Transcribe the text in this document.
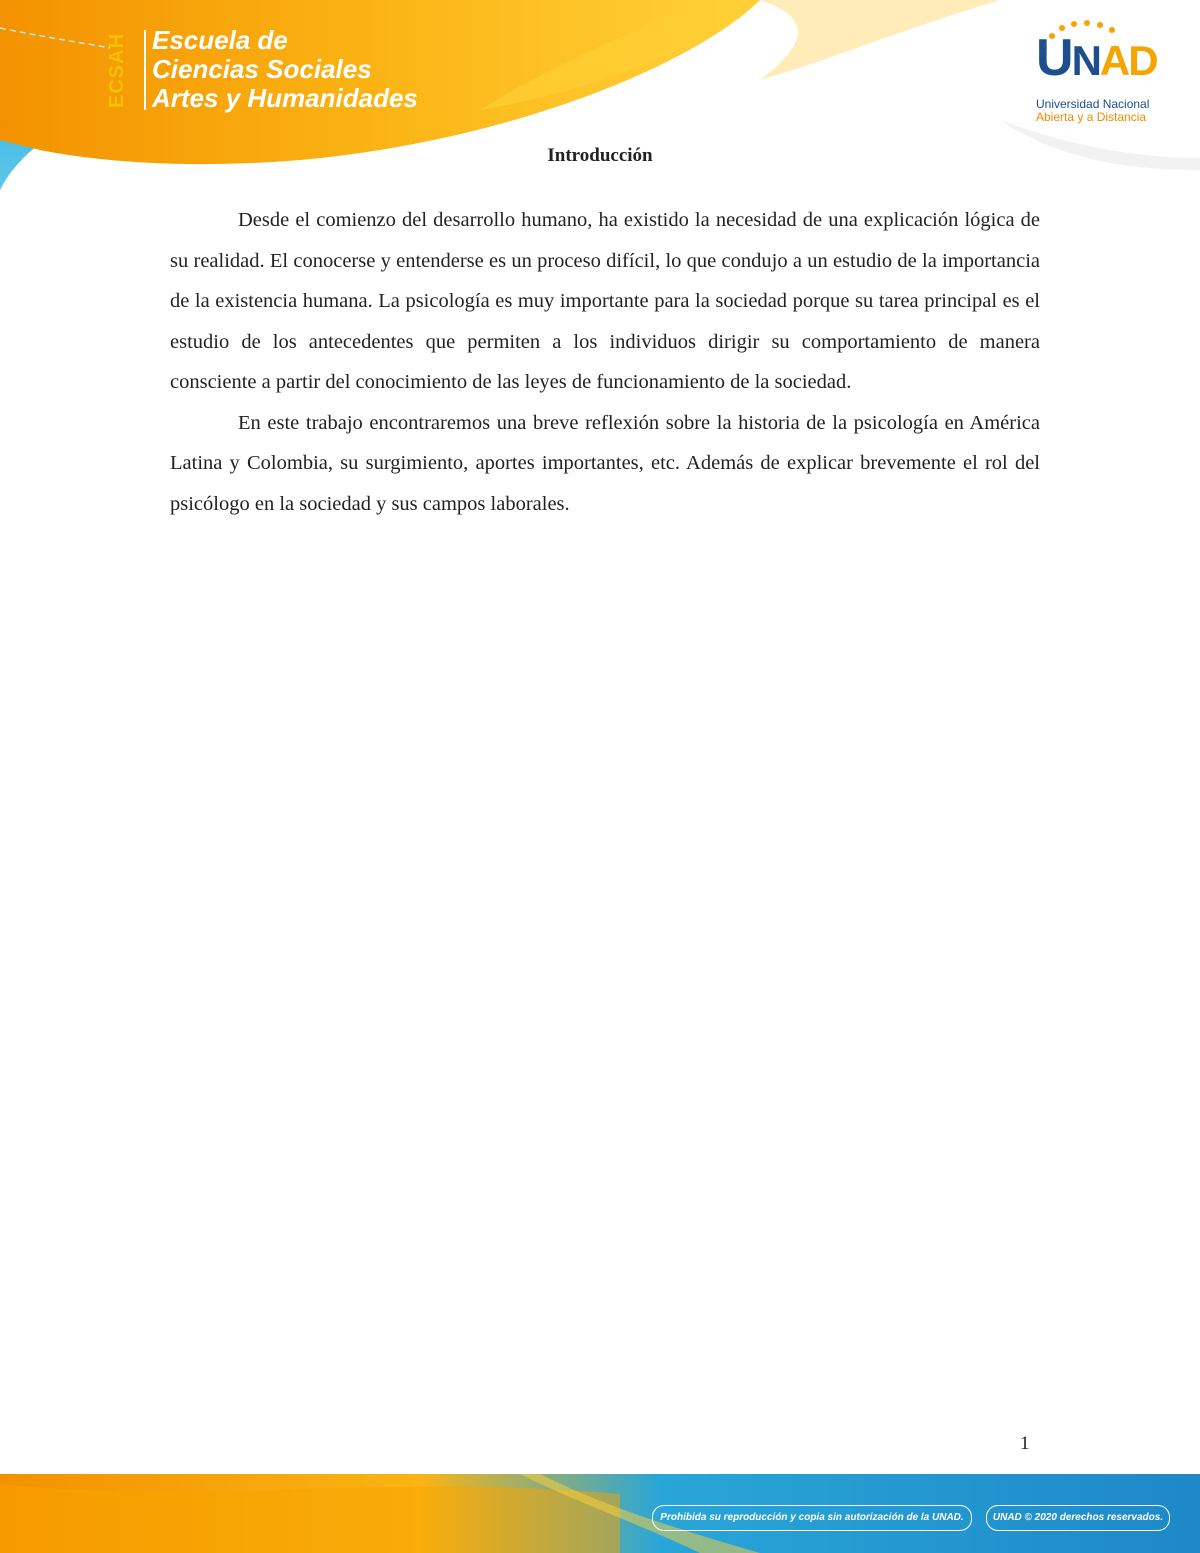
ECSAH Escuela de
Ciencias Sociales
Artes y Humanidades
UNAD
Universidad Nacional
Abierta y a Distancia
Introducción

Desde el comienzo del desarrollo humano, ha existido la necesidad de una explicación lógica de su realidad. El conocerse y entenderse es un proceso difícil, lo que condujo a un estudio de la importancia de la existencia humana. La psicología es muy importante para la sociedad porque su tarea principal es el estudio de los antecedentes que permiten a los individuos dirigir su comportamiento de manera consciente a partir del conocimiento de las leyes de funcionamiento de la sociedad.

En este trabajo encontraremos una breve reflexión sobre la historia de la psicología en América Latina y Colombia, su surgimiento, aportes importantes, etc. Además de explicar brevemente el rol del psicólogo en la sociedad y sus campos laborales.

1
Prohibida su reproducción y copia sin autorización de la UNAD.	UNAD © 2020 derechos reservados.
